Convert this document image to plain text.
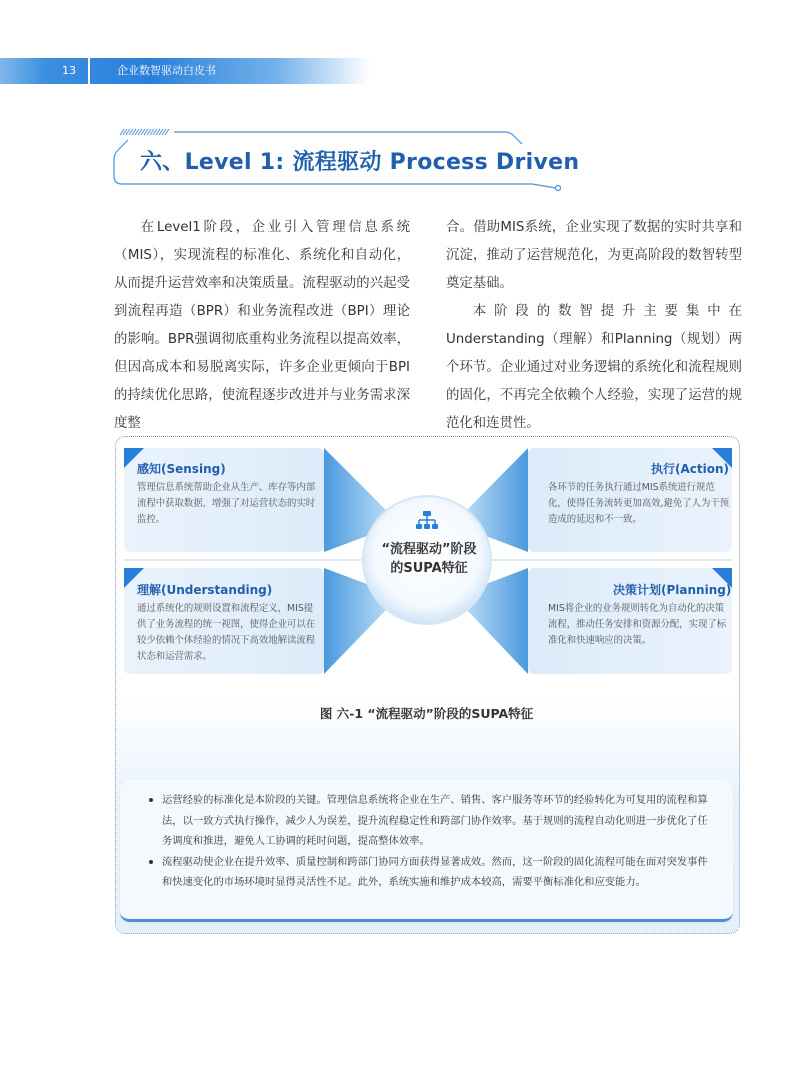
13	企业数智驱动白皮书
六、Level 1: 流程驱动 Process Driven

在Level1阶段，企业引入管理信息系统（MIS），实现流程的标准化、系统化和自动化，从而提升运营效率和决策质量。流程驱动的兴起受到流程再造（BPR）和业务流程改进（BPI）理论的影响。BPR强调彻底重构业务流程以提高效率，但因高成本和易脱离实际，许多企业更倾向于BPI的持续优化思路，使流程逐步改进并与业务需求深度整

合。借助MIS系统，企业实现了数据的实时共享和沉淀，推动了运营规范化，为更高阶段的数智转型奠定基础。

本阶段的数智提升主要集中在Understanding（理解）和Planning（规划）两个环节。企业通过对业务逻辑的系统化和流程规则的固化，不再完全依赖个人经验，实现了运营的规范化和连贯性。

“流程驱动”阶段
的SUPA特征
感知(Sensing)
管理信息系统帮助企业从生产、库存等内部流程中获取数据，增强了对运营状态的实时监控。
执行(Action)
各环节的任务执行通过MIS系统进行规范化，使得任务流转更加高效,避免了人为干预造成的延迟和不一致。
理解(Understanding)
通过系统化的规则设置和流程定义，MIS提供了业务流程的统一视图，使得企业可以在较少依赖个体经验的情况下高效地解读流程状态和运营需求。
决策计划(Planning)
MIS将企业的业务规则转化为自动化的决策流程，推动任务安排和资源分配，实现了标准化和快速响应的决策。
图 六-1 “流程驱动”阶段的SUPA特征
运营经验的标准化是本阶段的关键。管理信息系统将企业在生产、销售、客户服务等环节的经验转化为可复用的流程和算法，以一致方式执行操作，减少人为误差，提升流程稳定性和跨部门协作效率。基于规则的流程自动化则进一步优化了任务调度和推进，避免人工协调的耗时问题，提高整体效率。
流程驱动使企业在提升效率、质量控制和跨部门协同方面获得显著成效。然而，这一阶段的固化流程可能在面对突发事件和快速变化的市场环境时显得灵活性不足。此外，系统实施和维护成本较高，需要平衡标准化和应变能力。
